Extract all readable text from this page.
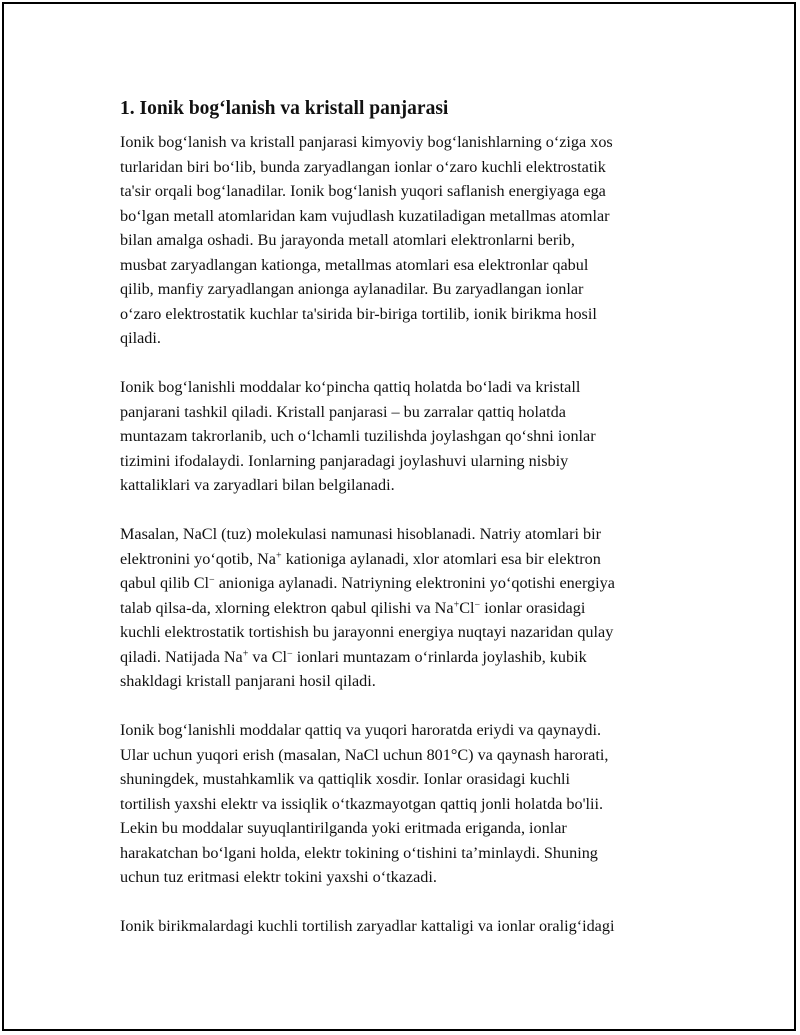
1. Ionik bog‘lanish va kristall panjarasi
Ionik bog‘lanish va kristall panjarasi kimyoviy bog‘lanishlarning o‘ziga xos
turlaridan biri bo‘lib, bunda zaryadlangan ionlar o‘zaro kuchli elektrostatik
ta'sir orqali bog‘lanadilar. Ionik bog‘lanish yuqori saflanish energiyaga ega
bo‘lgan metall atomlaridan kam vujudlash kuzatiladigan metallmas atomlar
bilan amalga oshadi. Bu jarayonda metall atomlari elektronlarni berib,
musbat zaryadlangan kationga, metallmas atomlari esa elektronlar qabul
qilib, manfiy zaryadlangan anionga aylanadilar. Bu zaryadlangan ionlar
o‘zaro elektrostatik kuchlar ta'sirida bir-biriga tortilib, ionik birikma hosil
qiladi.
Ionik bog‘lanishli moddalar ko‘pincha qattiq holatda bo‘ladi va kristall
panjarani tashkil qiladi. Kristall panjarasi – bu zarralar qattiq holatda
muntazam takrorlanib, uch o‘lchamli tuzilishda joylashgan qo‘shni ionlar
tizimini ifodalaydi. Ionlarning panjaradagi joylashuvi ularning nisbiy
kattaliklari va zaryadlari bilan belgilanadi.
Masalan, NaCl (tuz) molekulasi namunasi hisoblanadi. Natriy atomlari bir
elektronini yo‘qotib, Na+ kationiga aylanadi, xlor atomlari esa bir elektron
qabul qilib Cl− anioniga aylanadi. Natriyning elektronini yo‘qotishi energiya
talab qilsa-da, xlorning elektron qabul qilishi va Na+Cl− ionlar orasidagi
kuchli elektrostatik tortishish bu jarayonni energiya nuqtayi nazaridan qulay
qiladi. Natijada Na+ va Cl− ionlari muntazam o‘rinlarda joylashib, kubik
shakldagi kristall panjarani hosil qiladi.
Ionik bog‘lanishli moddalar qattiq va yuqori haroratda eriydi va qaynaydi.
Ular uchun yuqori erish (masalan, NaCl uchun 801°C) va qaynash harorati,
shuningdek, mustahkamlik va qattiqlik xosdir. Ionlar orasidagi kuchli
tortilish yaxshi elektr va issiqlik o‘tkazmayotgan qattiq jonli holatda bo'lii.
Lekin bu moddalar suyuqlantirilganda yoki eritmada eriganda, ionlar
harakatchan bo‘lgani holda, elektr tokining o‘tishini ta’minlaydi. Shuning
uchun tuz eritmasi elektr tokini yaxshi o‘tkazadi.
Ionik birikmalardagi kuchli tortilish zaryadlar kattaligi va ionlar oralig‘idagi
